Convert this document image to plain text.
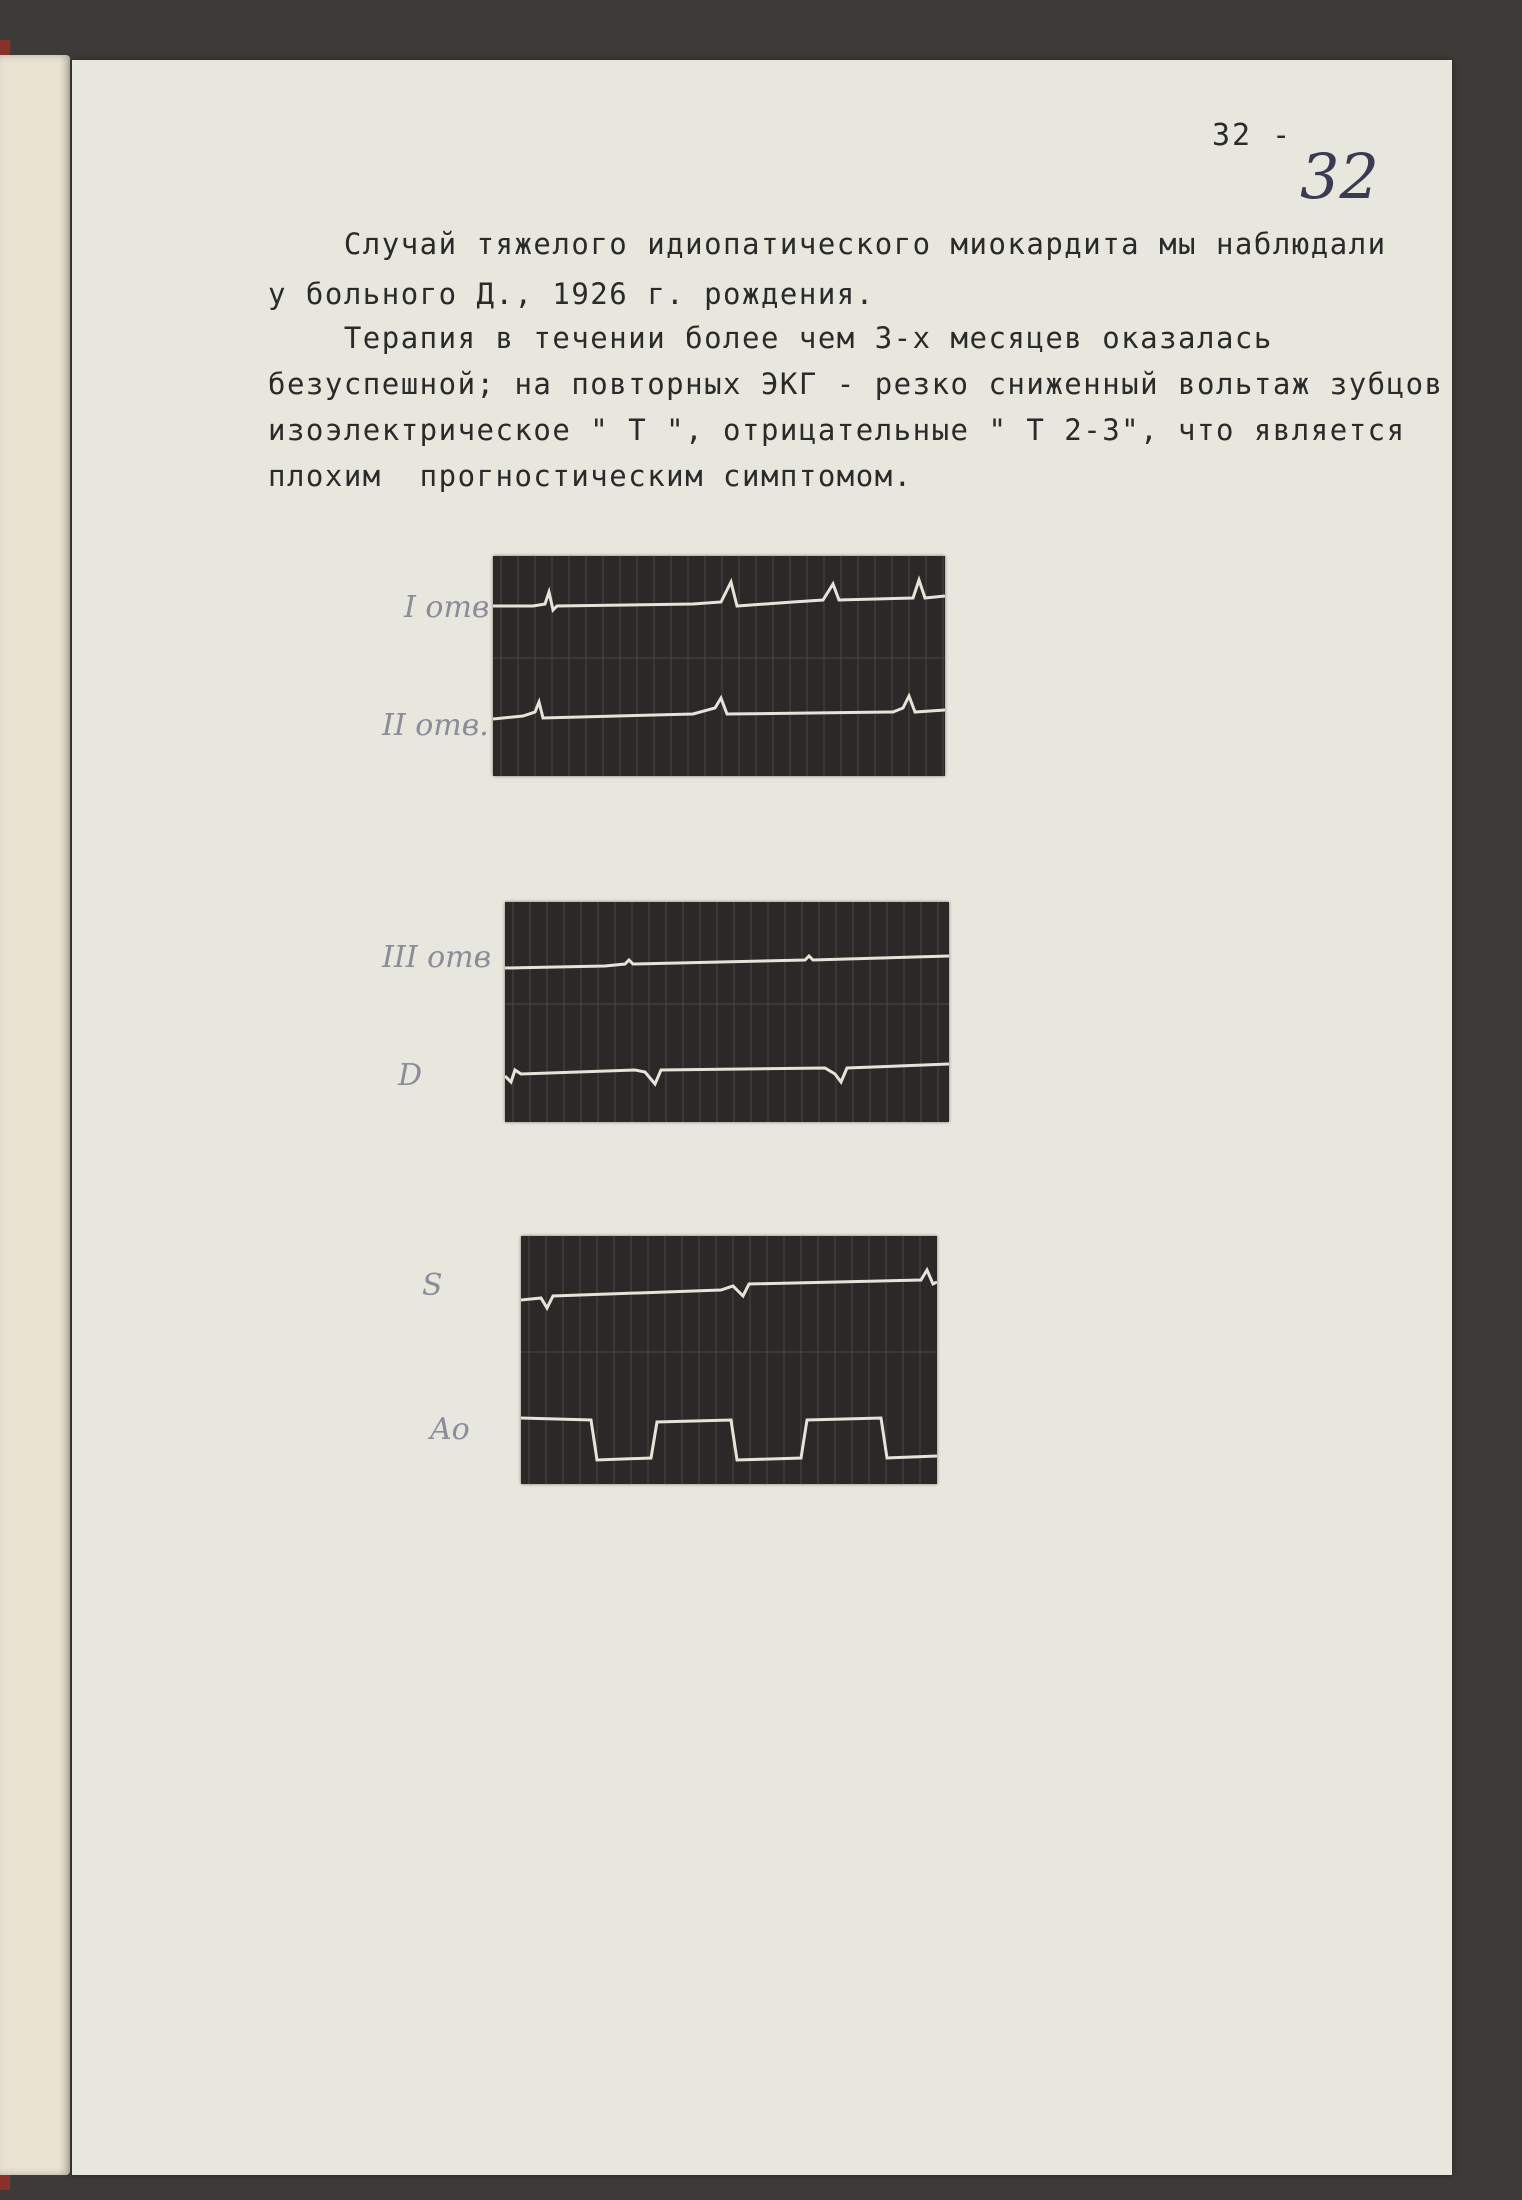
32 -
32
Случай тяжелого идиопатического миокардита мы наблюдали
у больного Д., 1926 г. рождения.
Терапия в течении более чем 3-х месяцев оказалась
безуспешной; на повторных ЭКГ - резко сниженный вольтаж зубцов
изоэлектрическое " Т ", отрицательные " Т 2-3", что является
плохим  прогностическим симптомом.
I отв
II отв.
III отв
D
S
Ao
